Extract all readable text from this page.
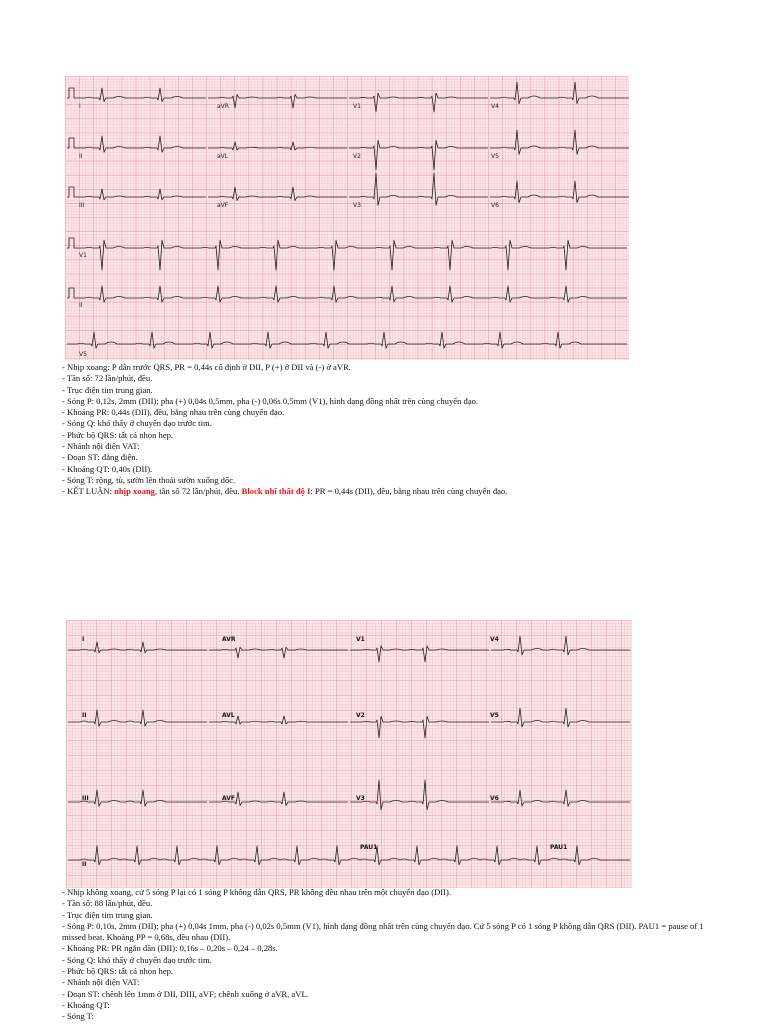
I	aVR	V1	V4
II	aVL	V2	V5
III	aVF	V3	V6
V1
II
V5
- Nhịp xoang: P dẫn trước QRS, PR = 0,44s cố định ở DII, P (+) ở DII và (-) ở aVR.
- Tần số: 72 lần/phút, đều.
- Trục điện tim trung gian.
- Sóng P: 0,12s, 2mm (DII); pha (+) 0,04s 0,5mm, pha (-) 0,06s 0,5mm (V1), hình dạng đồng nhất trên cùng chuyển đạo.
- Khoảng PR: 0,44s (DII), đều, bằng nhau trên cùng chuyển đạo.
- Sóng Q: khó thấy ở chuyển đạo trước tim.
- Phức bộ QRS: tất cả nhọn hẹp.
- Nhánh nội điện VAT:
- Đoạn ST: đẳng điện.
- Khoảng QT: 0,40s (DII).
- Sóng T: rộng, tù, sườn lên thoải sườn xuống dốc.
- KẾT LUẬN: nhịp xoang, tần số 72 lần/phút, đều. Block nhĩ thất độ I: PR = 0,44s (DII), đều, bằng nhau trên cùng chuyển đạo.
I	AVR	V1	V4
II	AVL	V2	V5
III	AVF	V3	V6
II
PAU1	PAU1
- Nhịp không xoang, cứ 5 sóng P lại có 1 sóng P không dẫn QRS, PR không đều nhau trên một chuyển đạo (DII).
- Tần số: 88 lần/phút, đều.
- Trục điện tim trung gian.
- Sóng P: 0,10s, 2mm (DII); pha (+) 0,04s 1mm, pha (-) 0,02s 0,5mm (V1), hình dạng đồng nhất trên cùng chuyển đạo. Cứ 5 sóng P có 1 sóng P không dẫn QRS (DII). PAU1 = pause of 1 missed beat. Khoảng PP = 0,68s, đều nhau (DII).
- Khoảng PR: PR ngắn dần (DII): 0,16s – 0,20s – 0,24 – 0,28s.
- Sóng Q: khó thấy ở chuyển đạo trước tim.
- Phức bộ QRS: tất cả nhọn hẹp.
- Nhánh nội điện VAT:
- Đoạn ST: chênh lên 1mm ở DII, DIII, aVF; chênh xuống ở aVR, aVL.
- Khoảng QT:
- Sóng T:
